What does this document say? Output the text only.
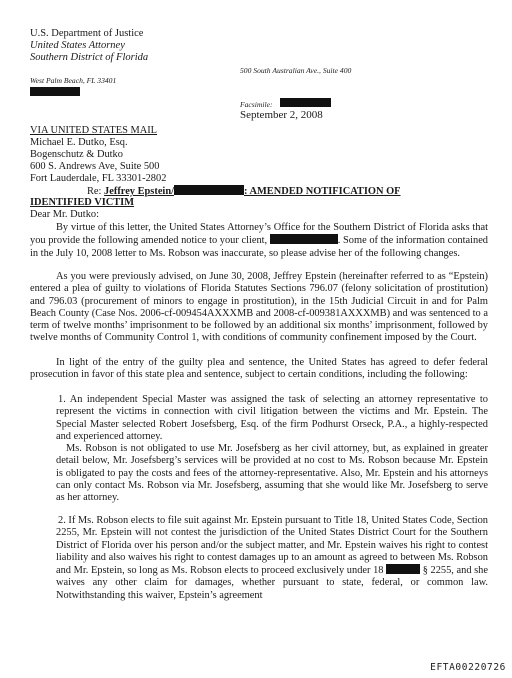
U.S. Department of Justice
United States Attorney
Southern District of Florida
500 South Australian Ave., Suite 400
West Palm Beach, FL 33401
Facsimile:
September 2, 2008
VIA UNITED STATES MAIL
Michael E. Dutko, Esq.
Bogenschutz & Dutko
600 S. Andrews Ave, Suite 500
Fort Lauderdale, FL 33301-2802
Re: Jeffrey Epstein/	: AMENDED NOTIFICATION OF
IDENTIFIED VICTIM
Dear Mr. Dutko:
By virtue of this letter, the United States Attorney’s Office for the Southern District of Florida asks that you provide the following amended notice to your client,	. Some of the information contained in the July 10, 2008 letter to Ms. Robson was inaccurate, so please advise her of the following changes.
As you were previously advised, on June 30, 2008, Jeffrey Epstein (hereinafter referred to as “Epstein) entered a plea of guilty to violations of Florida Statutes Sections 796.07 (felony solicitation of prostitution) and 796.03 (procurement of minors to engage in prostitution), in the 15th Judicial Circuit in and for Palm Beach County (Case Nos. 2006-cf-009454AXXXMB and 2008-cf-009381AXXXMB) and was sentenced to a term of twelve months’ imprisonment to be followed by an additional six months’ imprisonment, followed by twelve months of Community Control 1, with conditions of community confinement imposed by the Court.
In light of the entry of the guilty plea and sentence, the United States has agreed to defer federal prosecution in favor of this state plea and sentence, subject to certain conditions, including the following:
1. An independent Special Master was assigned the task of selecting an attorney representative to represent the victims in connection with civil litigation between the victims and Mr. Epstein. The Special Master selected Robert Josefsberg, Esq. of the firm Podhurst Orseck, P.A., a highly-respected and experienced attorney.
Ms. Robson is not obligated to use Mr. Josefsberg as her civil attorney, but, as explained in greater detail below, Mr. Josefsberg’s services will be provided at no cost to Ms. Robson because Mr. Epstein is obligated to pay the costs and fees of the attorney-representative. Also, Mr. Epstein and his attorneys can only contact Ms. Robson via Mr. Josefsberg, assuming that she would like Mr. Josefsberg to serve as her attorney.
2. If Ms. Robson elects to file suit against Mr. Epstein pursuant to Title 18, United States Code, Section 2255, Mr. Epstein will not contest the jurisdiction of the United States District Court for the Southern District of Florida over his person and/or the subject matter, and Mr. Epstein waives his right to contest liability and also waives his right to contest damages up to an amount as agreed to between Ms. Robson and Mr. Epstein, so long as Ms. Robson elects to proceed exclusively under 18	§ 2255, and she waives any other claim for damages, whether pursuant to state, federal, or common law. Notwithstanding this waiver, Epstein’s agreement
EFTA00220726
